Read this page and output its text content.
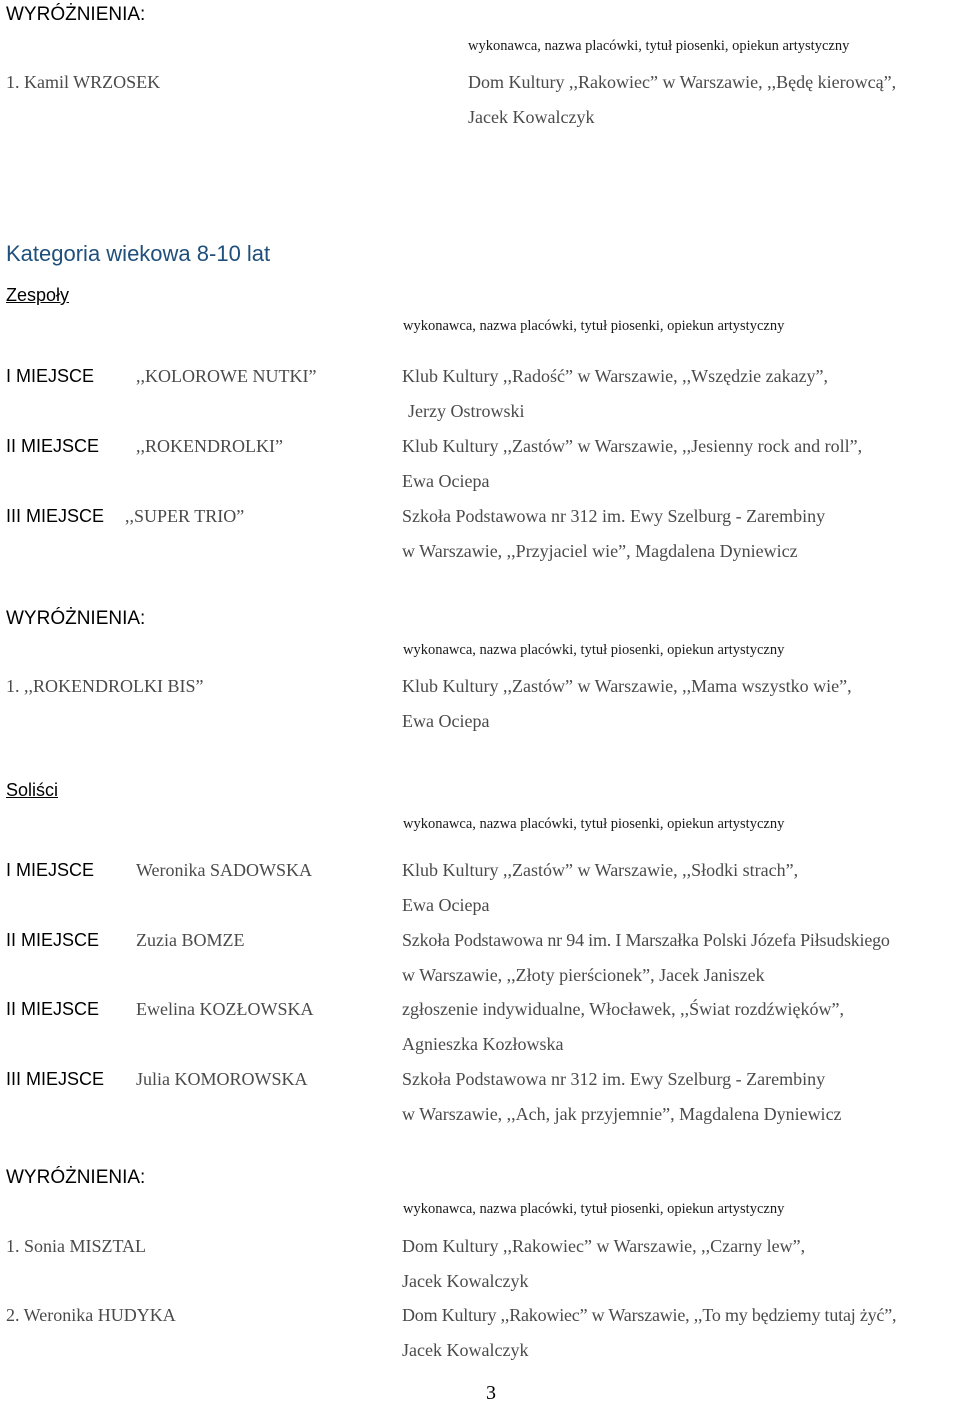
WYRÓŻNIENIA:
wykonawca, nazwa placówki, tytuł piosenki, opiekun artystyczny
1. Kamil WRZOSEK	Dom Kultury ,,Rakowiec” w Warszawie, ,,Będę kierowcą”,
Jacek Kowalczyk
Kategoria wiekowa 8-10 lat
Zespoły
wykonawca, nazwa placówki, tytuł piosenki, opiekun artystyczny
I MIEJSCE ,,KOLOROWE NUTKI”	Klub Kultury ,,Radość” w Warszawie, ,,Wszędzie zakazy”,
Jerzy Ostrowski
II MIEJSCE ,,ROKENDROLKI”	Klub Kultury ,,Zastów” w Warszawie, ,,Jesienny rock and roll”,
Ewa Ociepa
III MIEJSCE ,,SUPER TRIO”	Szkoła Podstawowa nr 312 im. Ewy Szelburg - Zarembiny
w Warszawie, ,,Przyjaciel wie”, Magdalena Dyniewicz
WYRÓŻNIENIA:
wykonawca, nazwa placówki, tytuł piosenki, opiekun artystyczny
1. ,,ROKENDROLKI BIS”	Klub Kultury ,,Zastów” w Warszawie, ,,Mama wszystko wie”,
Ewa Ociepa
Soliści
wykonawca, nazwa placówki, tytuł piosenki, opiekun artystyczny
I MIEJSCE Weronika SADOWSKA	Klub Kultury ,,Zastów” w Warszawie, ,,Słodki strach”,
Ewa Ociepa
II MIEJSCE Zuzia BOMZE	Szkoła Podstawowa nr 94 im. I Marszałka Polski Józefa Piłsudskiego
w Warszawie, ,,Złoty pierścionek”, Jacek Janiszek
II MIEJSCE Ewelina KOZŁOWSKA	zgłoszenie indywidualne, Włocławek, ,,Świat rozdźwięków”,
Agnieszka Kozłowska
III MIEJSCE Julia KOMOROWSKA	Szkoła Podstawowa nr 312 im. Ewy Szelburg - Zarembiny
w Warszawie, ,,Ach, jak przyjemnie”, Magdalena Dyniewicz
WYRÓŻNIENIA:
wykonawca, nazwa placówki, tytuł piosenki, opiekun artystyczny
1. Sonia MISZTAL	Dom Kultury ,,Rakowiec” w Warszawie, ,,Czarny lew”,
Jacek Kowalczyk
2. Weronika HUDYKA	Dom Kultury ,,Rakowiec” w Warszawie, ,,To my będziemy tutaj żyć”,
Jacek Kowalczyk
3
